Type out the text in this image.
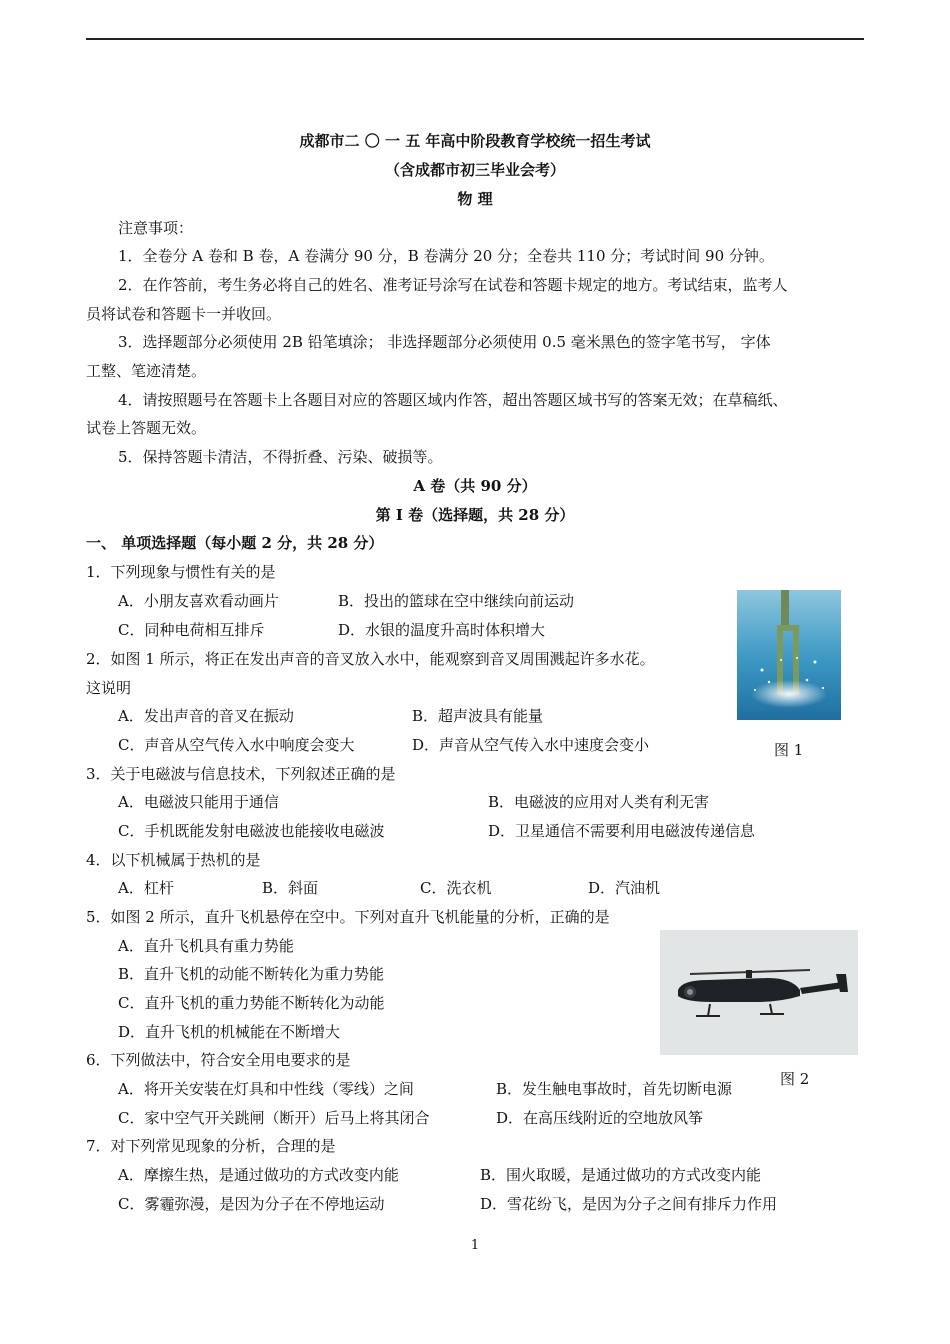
成都市二 〇 一 五 年高中阶段教育学校统一招生考试
（含成都市初三毕业会考）
物 理
注意事项：
1．全卷分 A 卷和 B 卷，A 卷满分 90 分，B 卷满分 20 分；全卷共 110 分；考试时间 90 分钟。
2．在作答前，考生务必将自己的姓名、准考证号涂写在试卷和答题卡规定的地方。考试结束，监考人
员将试卷和答题卡一并收回。
3．选择题部分必须使用 2B 铅笔填涂； 非选择题部分必须使用 0.5 毫米黑色的签字笔书写， 字体
工整、笔迹清楚。
4．请按照题号在答题卡上各题目对应的答题区域内作答，超出答题区域书写的答案无效；在草稿纸、
试卷上答题无效。
5．保持答题卡清洁，不得折叠、污染、破损等。
A 卷（共 90 分）
第 I 卷（选择题，共 28 分）
一、 单项选择题（每小题 2 分，共 28 分）
1．下列现象与惯性有关的是
A．小朋友喜欢看动画片	B．投出的篮球在空中继续向前运动
C．同种电荷相互排斥	D．水银的温度升高时体积增大
图 1
2．如图 1 所示，将正在发出声音的音叉放入水中，能观察到音叉周围溅起许多水花。
这说明
A．发出声音的音叉在振动	B．超声波具有能量
C．声音从空气传入水中响度会变大	D．声音从空气传入水中速度会变小
3．关于电磁波与信息技术，下列叙述正确的是
A．电磁波只能用于通信	B．电磁波的应用对人类有利无害
C．手机既能发射电磁波也能接收电磁波	D．卫星通信不需要利用电磁波传递信息
4．以下机械属于热机的是
A．杠杆	B．斜面	C．洗衣机	D．汽油机
5．如图 2 所示，直升飞机悬停在空中。下列对直升飞机能量的分析，正确的是
A．直升飞机具有重力势能
B．直升飞机的动能不断转化为重力势能
C．直升飞机的重力势能不断转化为动能
D．直升飞机的机械能在不断增大
图 2
6．下列做法中，符合安全用电要求的是
A．将开关安装在灯具和中性线（零线）之间	B．发生触电事故时，首先切断电源
C．家中空气开关跳闸（断开）后马上将其闭合	D．在高压线附近的空地放风筝
7．对下列常见现象的分析，合理的是
A．摩擦生热，是通过做功的方式改变内能	B．围火取暖，是通过做功的方式改变内能
C．雾霾弥漫，是因为分子在不停地运动	D．雪花纷飞，是因为分子之间有排斥力作用
1
